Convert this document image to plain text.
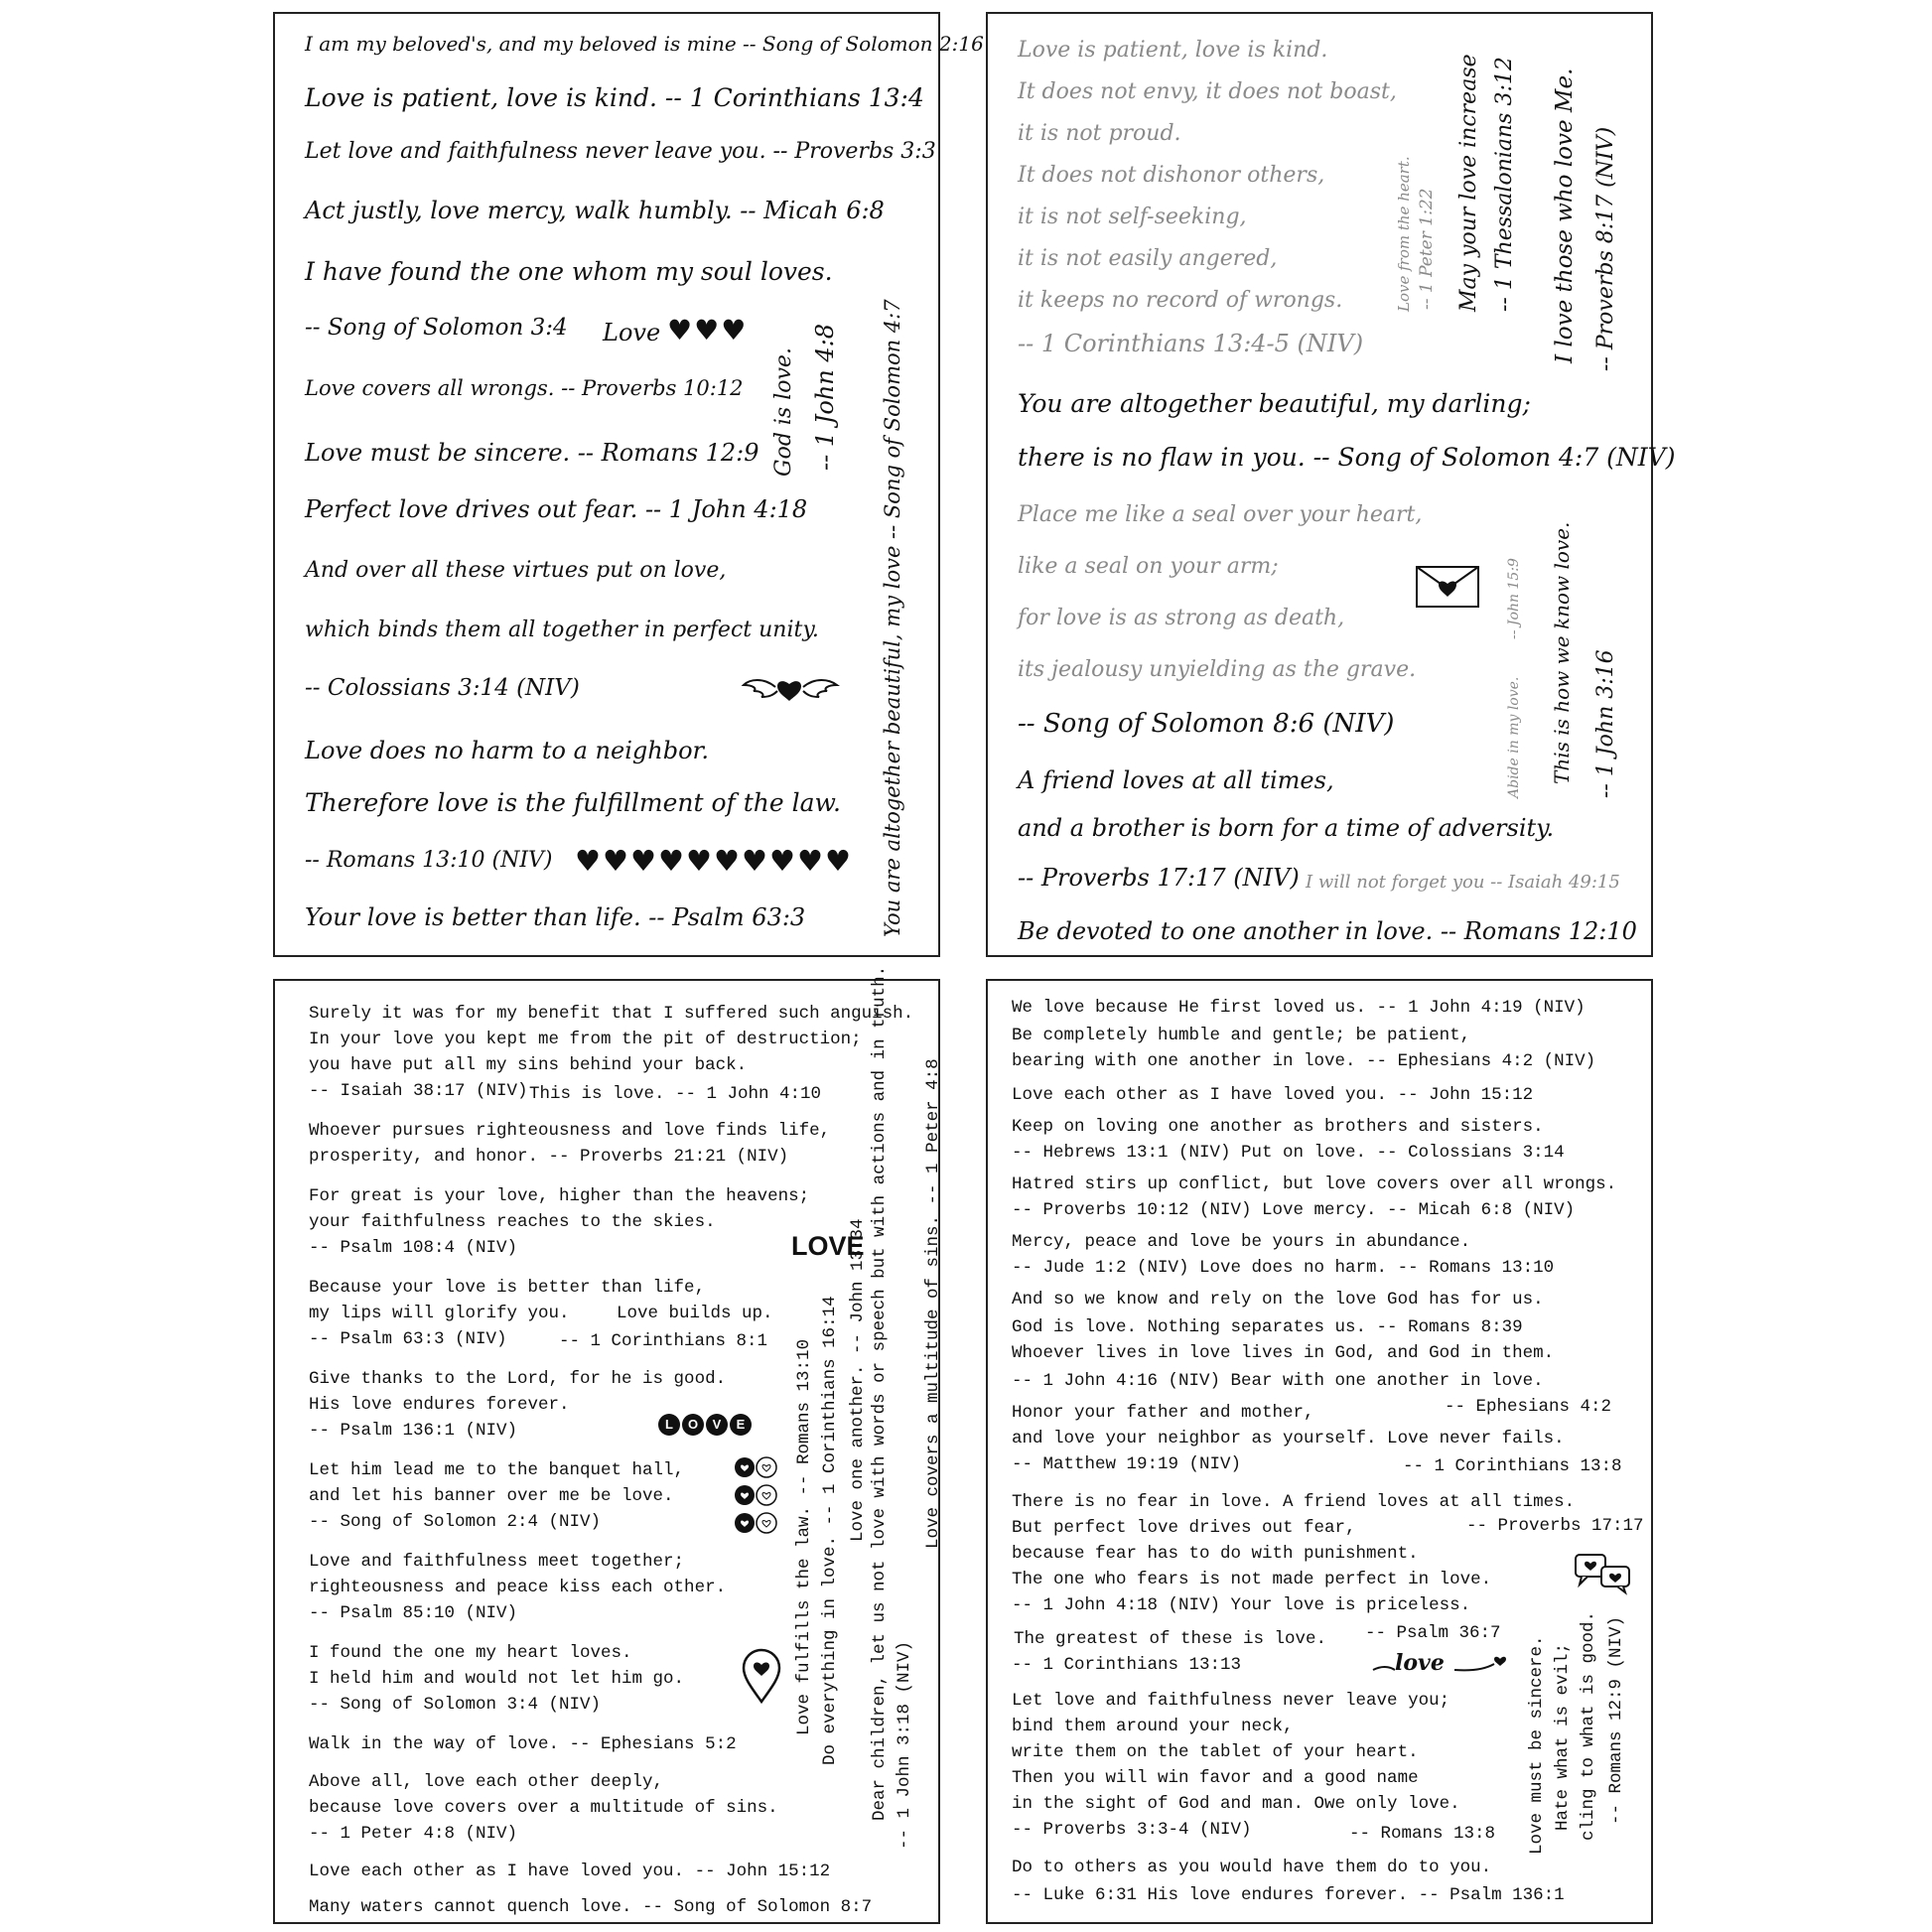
I am my beloved's, and my beloved is mine -- Song of Solomon 2:16
Love is patient, love is kind. -- 1 Corinthians 13:4
Let love and faithfulness never leave you. -- Proverbs 3:3
Act justly, love mercy, walk humbly. -- Micah 6:8
I have found the one whom my soul loves.
-- Song of Solomon 3:4 Love ♥♥♥
Love covers all wrongs. -- Proverbs 10:12
Love must be sincere. -- Romans 12:9
Perfect love drives out fear. -- 1 John 4:18
And over all these virtues put on love,
which binds them all together in perfect unity.
-- Colossians 3:14 (NIV)
Love does no harm to a neighbor.
Therefore love is the fulfillment of the law.
-- Romans 13:10 (NIV) ♥♥♥♥♥♥♥♥♥♥
Your love is better than life. -- Psalm 63:3
God is love. -- 1 John 4:8 You are altogether beautiful, my love -- Song of Solomon 4:7
Love is patient, love is kind.
It does not envy, it does not boast,
it is not proud.
It does not dishonor others,
it is not self-seeking,
it is not easily angered,
it keeps no record of wrongs.
-- 1 Corinthians 13:4-5 (NIV)
Love from the heart. -- 1 Peter 1:22 May your love increase -- 1 Thessalonians 3:12 I love those who love Me. -- Proverbs 8:17 (NIV)
You are altogether beautiful, my darling;
there is no flaw in you. -- Song of Solomon 4:7 (NIV)
Place me like a seal over your heart,
like a seal on your arm;
for love is as strong as death,
its jealousy unyielding as the grave.
-- Song of Solomon 8:6 (NIV)
A friend loves at all times,
and a brother is born for a time of adversity.
-- Proverbs 17:17 (NIV) I will not forget you -- Isaiah 49:15
Be devoted to one another in love. -- Romans 12:10
Abide in my love.
-- John 15:9 This is how we know love. -- 1 John 3:16
Surely it was for my benefit that I suffered such anguish.
In your love you kept me from the pit of destruction;
you have put all my sins behind your back.
-- Isaiah 38:17 (NIV) This is love. -- 1 John 4:10
Whoever pursues righteousness and love finds life,
prosperity, and honor. -- Proverbs 21:21 (NIV)
For great is your love, higher than the heavens;
your faithfulness reaches to the skies.
-- Psalm 108:4 (NIV)	LOVE
Because your love is better than life,
my lips will glorify you.	Love builds up.
-- Psalm 63:3 (NIV)	-- 1 Corinthians 8:1
Give thanks to the Lord, for he is good.
His love endures forever.
-- Psalm 136:1 (NIV)	L	O	V	E
Let him lead me to the banquet hall,
and let his banner over me be love.
-- Song of Solomon 2:4 (NIV)
Love and faithfulness meet together;
righteousness and peace kiss each other.
-- Psalm 85:10 (NIV)
I found the one my heart loves.
I held him and would not let him go.
-- Song of Solomon 3:4 (NIV)
Walk in the way of love. -- Ephesians 5:2
Above all, love each other deeply,
because love covers over a multitude of sins.
-- 1 Peter 4:8 (NIV)
Love each other as I have loved you. -- John 15:12
Many waters cannot quench love. -- Song of Solomon 8:7
Love fulfills the law. -- Romans 13:10 Do everything in love. -- 1 Corinthians 16:14 Love one another. -- John 13:34 Dear children, let us not love with words or speech but with actions and in truth. -- 1 John 3:18 (NIV)
Love covers a multitude of sins. -- 1 Peter 4:8
We love because He first loved us. -- 1 John 4:19 (NIV)
Be completely humble and gentle; be patient,
bearing with one another in love. -- Ephesians 4:2 (NIV)
Love each other as I have loved you. -- John 15:12
Keep on loving one another as brothers and sisters.
-- Hebrews 13:1 (NIV) Put on love. -- Colossians 3:14
Hatred stirs up conflict, but love covers over all wrongs.
-- Proverbs 10:12 (NIV) Love mercy. -- Micah 6:8 (NIV)
Mercy, peace and love be yours in abundance.
-- Jude 1:2 (NIV) Love does no harm. -- Romans 13:10
And so we know and rely on the love God has for us.
God is love. Nothing separates us. -- Romans 8:39
Whoever lives in love lives in God, and God in them.
-- 1 John 4:16 (NIV) Bear with one another in love.
Honor your father and mother,	-- Ephesians 4:2
and love your neighbor as yourself. Love never fails.
-- Matthew 19:19 (NIV)	-- 1 Corinthians 13:8
There is no fear in love. A friend loves at all times.
But perfect love drives out fear,	-- Proverbs 17:17
because fear has to do with punishment.
The one who fears is not made perfect in love.
-- 1 John 4:18 (NIV) Your love is priceless.
The greatest of these is love. -- Psalm 36:7
-- 1 Corinthians 13:13	love
Let love and faithfulness never leave you;
bind them around your neck,
write them on the tablet of your heart.
Then you will win favor and a good name
in the sight of God and man. Owe only love.
-- Proverbs 3:3-4 (NIV)	-- Romans 13:8
Do to others as you would have them do to you.
-- Luke 6:31 His love endures forever. -- Psalm 136:1
Love must be sincere. Hate what is evil; cling to what is good. -- Romans 12:9 (NIV)
